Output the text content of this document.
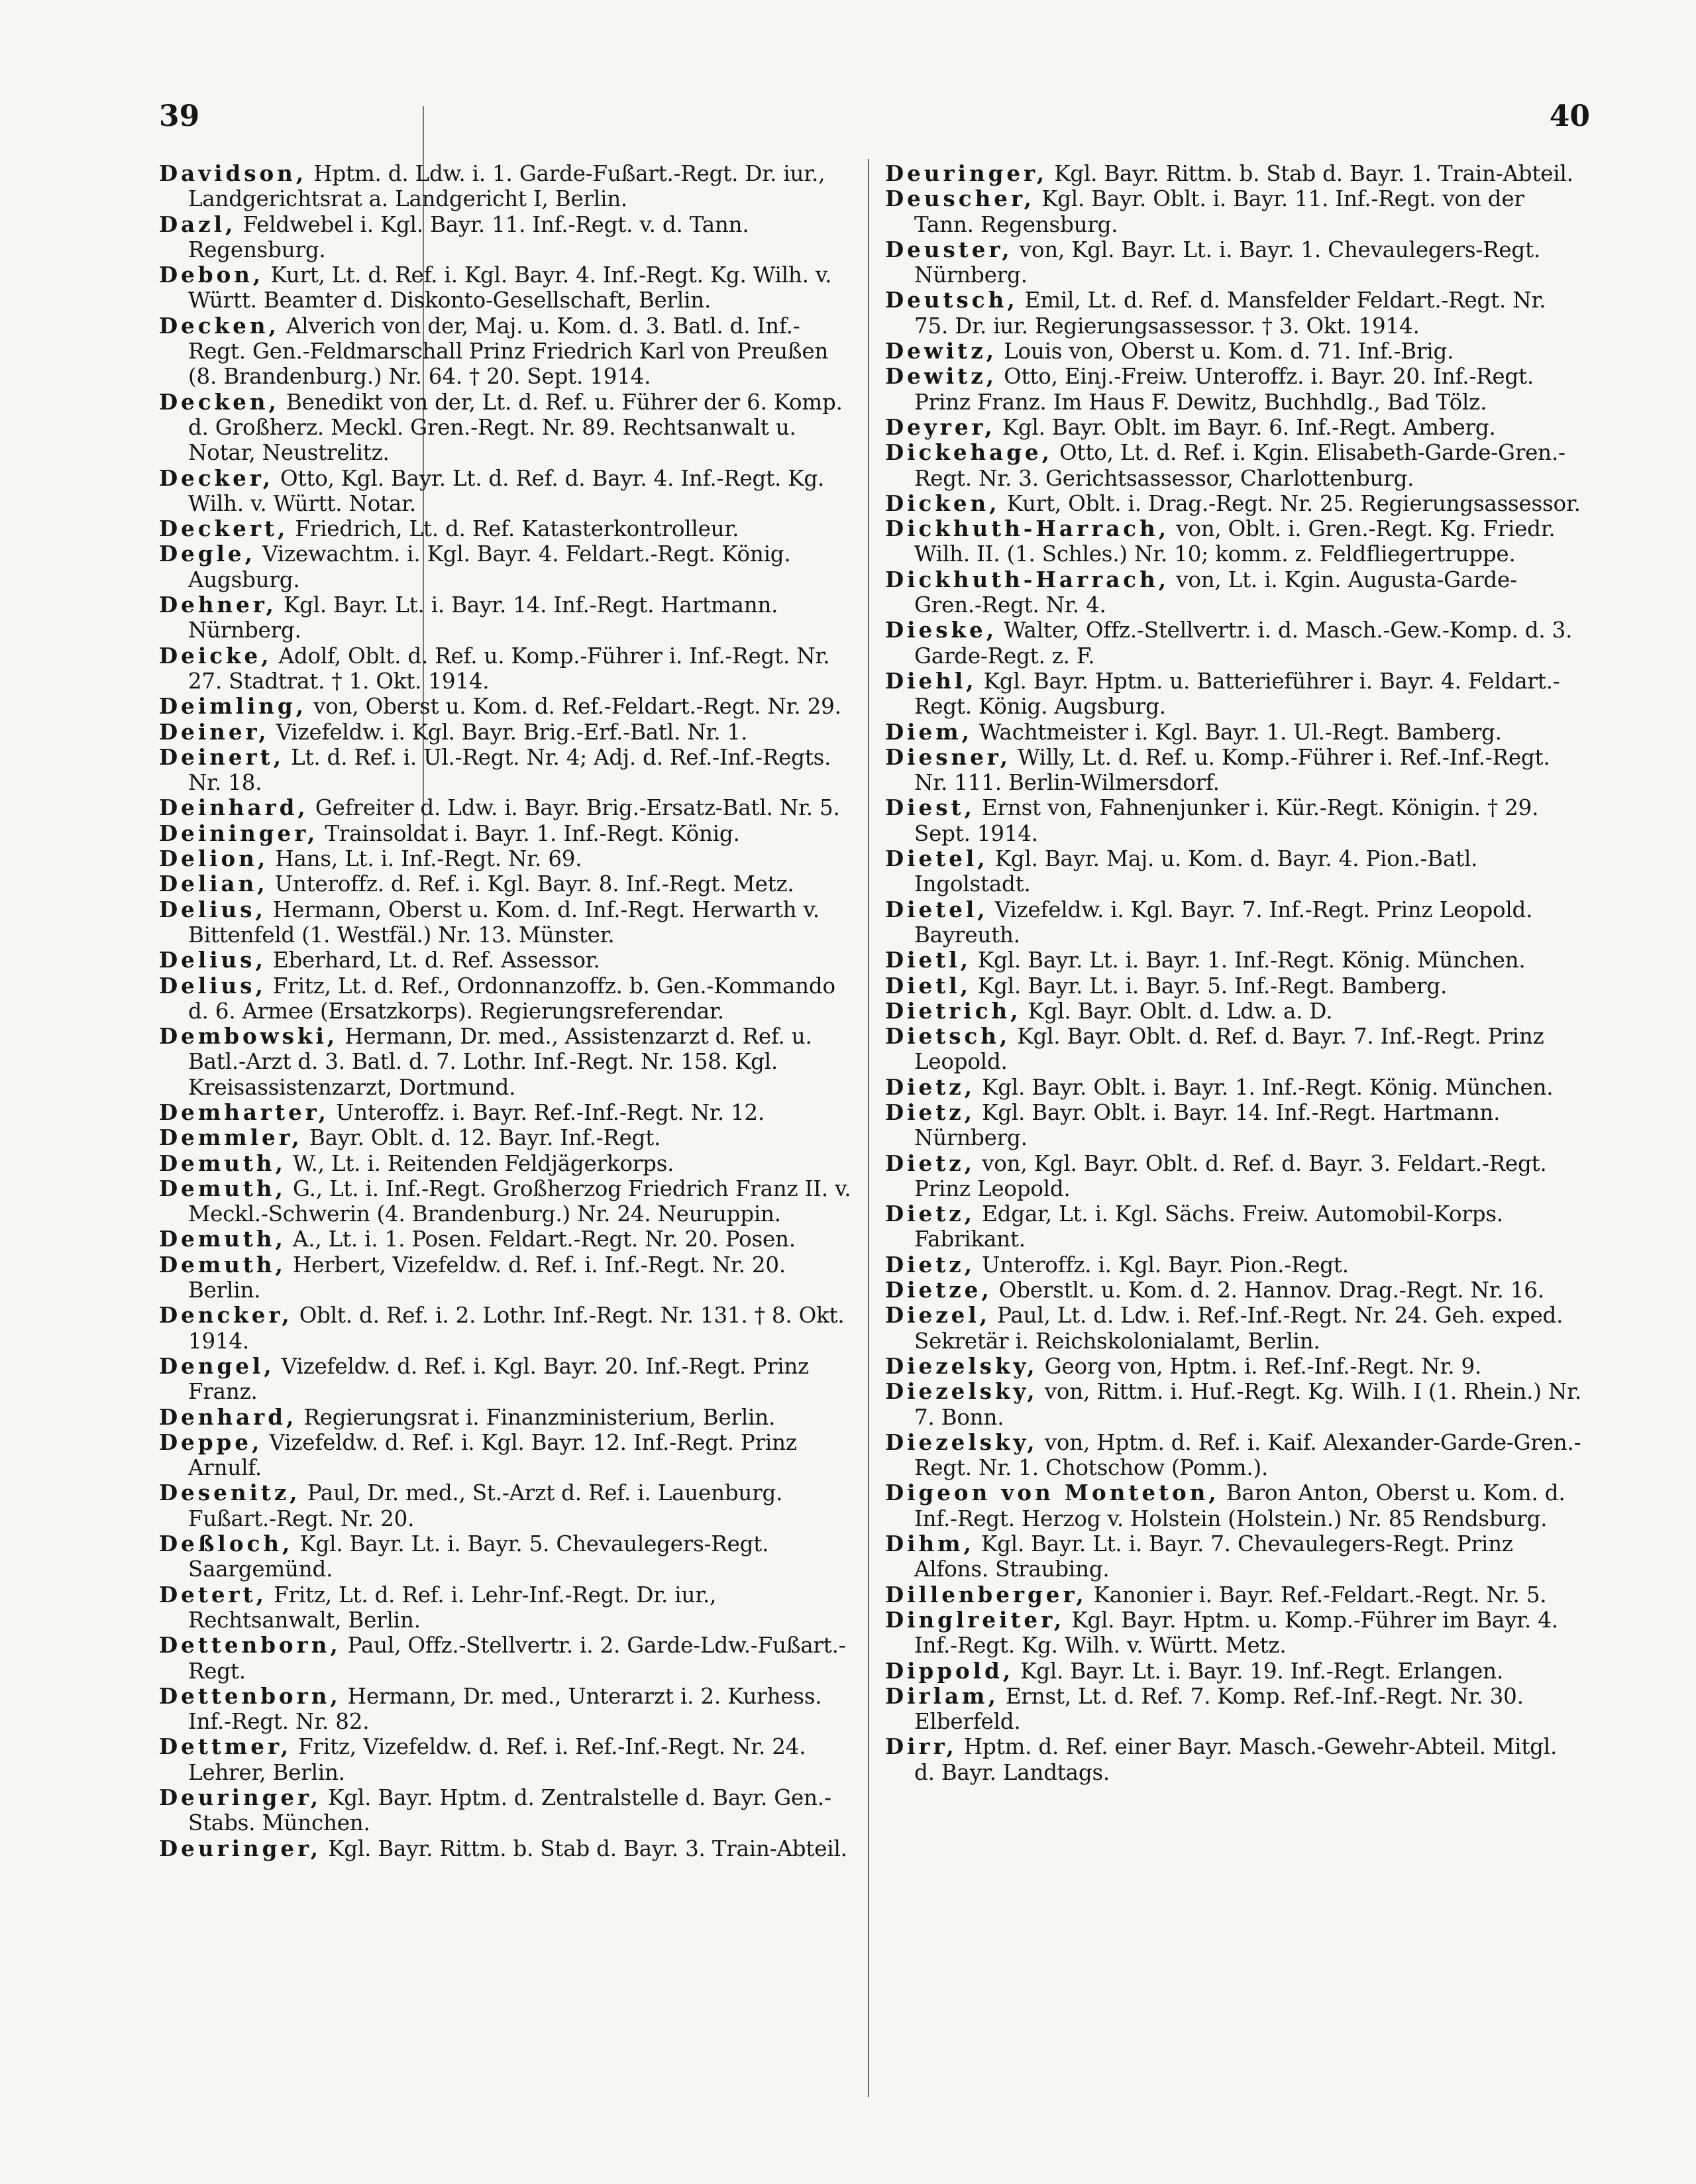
39	40

Davidson, Hptm. d. Ldw. i. 1. Garde-Fußart.-Regt. Dr. iur., Landgerichtsrat a. Landgericht I, Berlin.

Dazl, Feldwebel i. Kgl. Bayr. 11. Inf.-Regt. v. d. Tann. Regensburg.

Debon, Kurt, Lt. d. Ref. i. Kgl. Bayr. 4. Inf.-Regt. Kg. Wilh. v. Württ. Beamter d. Diskonto-Gesellschaft, Berlin.

Decken, Alverich von der, Maj. u. Kom. d. 3. Batl. d. Inf.-Regt. Gen.-Feldmarschall Prinz Friedrich Karl von Preußen (8. Brandenburg.) Nr. 64. † 20. Sept. 1914.

Decken, Benedikt von der, Lt. d. Ref. u. Führer der 6. Komp. d. Großherz. Meckl. Gren.-Regt. Nr. 89. Rechtsanwalt u. Notar, Neustrelitz.

Decker, Otto, Kgl. Bayr. Lt. d. Ref. d. Bayr. 4. Inf.-Regt. Kg. Wilh. v. Württ. Notar.

Deckert, Friedrich, Lt. d. Ref. Katasterkontrolleur.

Degle, Vizewachtm. i. Kgl. Bayr. 4. Feldart.-Regt. König. Augsburg.

Dehner, Kgl. Bayr. Lt. i. Bayr. 14. Inf.-Regt. Hartmann. Nürnberg.

Deicke, Adolf, Oblt. d. Ref. u. Komp.-Führer i. Inf.-Regt. Nr. 27. Stadtrat. † 1. Okt. 1914.

Deimling, von, Oberst u. Kom. d. Ref.-Feldart.-Regt. Nr. 29.

Deiner, Vizefeldw. i. Kgl. Bayr. Brig.-Erf.-Batl. Nr. 1.

Deinert, Lt. d. Ref. i. Ul.-Regt. Nr. 4; Adj. d. Ref.-Inf.-Regts. Nr. 18.

Deinhard, Gefreiter d. Ldw. i. Bayr. Brig.-Ersatz-Batl. Nr. 5.

Deininger, Trainsoldat i. Bayr. 1. Inf.-Regt. König.

Delion, Hans, Lt. i. Inf.-Regt. Nr. 69.

Delian, Unteroffz. d. Ref. i. Kgl. Bayr. 8. Inf.-Regt. Metz.

Delius, Hermann, Oberst u. Kom. d. Inf.-Regt. Herwarth v. Bittenfeld (1. Westfäl.) Nr. 13. Münster.

Delius, Eberhard, Lt. d. Ref. Assessor.

Delius, Fritz, Lt. d. Ref., Ordonnanzoffz. b. Gen.-Kommando d. 6. Armee (Ersatzkorps). Regierungsreferendar.

Dembowski, Hermann, Dr. med., Assistenzarzt d. Ref. u. Batl.-Arzt d. 3. Batl. d. 7. Lothr. Inf.-Regt. Nr. 158. Kgl. Kreisassistenzarzt, Dortmund.

Demharter, Unteroffz. i. Bayr. Ref.-Inf.-Regt. Nr. 12.

Demmler, Bayr. Oblt. d. 12. Bayr. Inf.-Regt.

Demuth, W., Lt. i. Reitenden Feldjägerkorps.

Demuth, G., Lt. i. Inf.-Regt. Großherzog Friedrich Franz II. v. Meckl.-Schwerin (4. Brandenburg.) Nr. 24. Neuruppin.

Demuth, A., Lt. i. 1. Posen. Feldart.-Regt. Nr. 20. Posen.

Demuth, Herbert, Vizefeldw. d. Ref. i. Inf.-Regt. Nr. 20. Berlin.

Dencker, Oblt. d. Ref. i. 2. Lothr. Inf.-Regt. Nr. 131. † 8. Okt. 1914.

Dengel, Vizefeldw. d. Ref. i. Kgl. Bayr. 20. Inf.-Regt. Prinz Franz.

Denhard, Regierungsrat i. Finanzministerium, Berlin.

Deppe, Vizefeldw. d. Ref. i. Kgl. Bayr. 12. Inf.-Regt. Prinz Arnulf.

Desenitz, Paul, Dr. med., St.-Arzt d. Ref. i. Lauenburg. Fußart.-Regt. Nr. 20.

Deßloch, Kgl. Bayr. Lt. i. Bayr. 5. Chevaulegers-Regt. Saargemünd.

Detert, Fritz, Lt. d. Ref. i. Lehr-Inf.-Regt. Dr. iur., Rechtsanwalt, Berlin.

Dettenborn, Paul, Offz.-Stellvertr. i. 2. Garde-Ldw.-Fußart.-Regt.

Dettenborn, Hermann, Dr. med., Unterarzt i. 2. Kurhess. Inf.-Regt. Nr. 82.

Dettmer, Fritz, Vizefeldw. d. Ref. i. Ref.-Inf.-Regt. Nr. 24. Lehrer, Berlin.

Deuringer, Kgl. Bayr. Hptm. d. Zentralstelle d. Bayr. Gen.-Stabs. München.

Deuringer, Kgl. Bayr. Rittm. b. Stab d. Bayr. 3. Train-Abteil.

Deuringer, Kgl. Bayr. Rittm. b. Stab d. Bayr. 1. Train-Abteil.

Deuscher, Kgl. Bayr. Oblt. i. Bayr. 11. Inf.-Regt. von der Tann. Regensburg.

Deuster, von, Kgl. Bayr. Lt. i. Bayr. 1. Chevaulegers-Regt. Nürnberg.

Deutsch, Emil, Lt. d. Ref. d. Mansfelder Feldart.-Regt. Nr. 75. Dr. iur. Regierungsassessor. † 3. Okt. 1914.

Dewitz, Louis von, Oberst u. Kom. d. 71. Inf.-Brig.

Dewitz, Otto, Einj.-Freiw. Unteroffz. i. Bayr. 20. Inf.-Regt. Prinz Franz. Im Haus F. Dewitz, Buchhdlg., Bad Tölz.

Deyrer, Kgl. Bayr. Oblt. im Bayr. 6. Inf.-Regt. Amberg.

Dickehage, Otto, Lt. d. Ref. i. Kgin. Elisabeth-Garde-Gren.-Regt. Nr. 3. Gerichtsassessor, Charlottenburg.

Dicken, Kurt, Oblt. i. Drag.-Regt. Nr. 25. Regierungsassessor.

Dickhuth-Harrach, von, Oblt. i. Gren.-Regt. Kg. Friedr. Wilh. II. (1. Schles.) Nr. 10; komm. z. Feldfliegertruppe.

Dickhuth-Harrach, von, Lt. i. Kgin. Augusta-Garde-Gren.-Regt. Nr. 4.

Dieske, Walter, Offz.-Stellvertr. i. d. Masch.-Gew.-Komp. d. 3. Garde-Regt. z. F.

Diehl, Kgl. Bayr. Hptm. u. Batterieführer i. Bayr. 4. Feldart.-Regt. König. Augsburg.

Diem, Wachtmeister i. Kgl. Bayr. 1. Ul.-Regt. Bamberg.

Diesner, Willy, Lt. d. Ref. u. Komp.-Führer i. Ref.-Inf.-Regt. Nr. 111. Berlin-Wilmersdorf.

Diest, Ernst von, Fahnenjunker i. Kür.-Regt. Königin. † 29. Sept. 1914.

Dietel, Kgl. Bayr. Maj. u. Kom. d. Bayr. 4. Pion.-Batl. Ingolstadt.

Dietel, Vizefeldw. i. Kgl. Bayr. 7. Inf.-Regt. Prinz Leopold. Bayreuth.

Dietl, Kgl. Bayr. Lt. i. Bayr. 1. Inf.-Regt. König. München.

Dietl, Kgl. Bayr. Lt. i. Bayr. 5. Inf.-Regt. Bamberg.

Dietrich, Kgl. Bayr. Oblt. d. Ldw. a. D.

Dietsch, Kgl. Bayr. Oblt. d. Ref. d. Bayr. 7. Inf.-Regt. Prinz Leopold.

Dietz, Kgl. Bayr. Oblt. i. Bayr. 1. Inf.-Regt. König. München.

Dietz, Kgl. Bayr. Oblt. i. Bayr. 14. Inf.-Regt. Hartmann. Nürnberg.

Dietz, von, Kgl. Bayr. Oblt. d. Ref. d. Bayr. 3. Feldart.-Regt. Prinz Leopold.

Dietz, Edgar, Lt. i. Kgl. Sächs. Freiw. Automobil-Korps. Fabrikant.

Dietz, Unteroffz. i. Kgl. Bayr. Pion.-Regt.

Dietze, Oberstlt. u. Kom. d. 2. Hannov. Drag.-Regt. Nr. 16.

Diezel, Paul, Lt. d. Ldw. i. Ref.-Inf.-Regt. Nr. 24. Geh. exped. Sekretär i. Reichskolonialamt, Berlin.

Diezelsky, Georg von, Hptm. i. Ref.-Inf.-Regt. Nr. 9.

Diezelsky, von, Rittm. i. Huf.-Regt. Kg. Wilh. I (1. Rhein.) Nr. 7. Bonn.

Diezelsky, von, Hptm. d. Ref. i. Kaif. Alexander-Garde-Gren.-Regt. Nr. 1. Chotschow (Pomm.).

Digeon von Monteton, Baron Anton, Oberst u. Kom. d. Inf.-Regt. Herzog v. Holstein (Holstein.) Nr. 85 Rendsburg.

Dihm, Kgl. Bayr. Lt. i. Bayr. 7. Chevaulegers-Regt. Prinz Alfons. Straubing.

Dillenberger, Kanonier i. Bayr. Ref.-Feldart.-Regt. Nr. 5.

Dinglreiter, Kgl. Bayr. Hptm. u. Komp.-Führer im Bayr. 4. Inf.-Regt. Kg. Wilh. v. Württ. Metz.

Dippold, Kgl. Bayr. Lt. i. Bayr. 19. Inf.-Regt. Erlangen.

Dirlam, Ernst, Lt. d. Ref. 7. Komp. Ref.-Inf.-Regt. Nr. 30. Elberfeld.

Dirr, Hptm. d. Ref. einer Bayr. Masch.-Gewehr-Abteil. Mitgl. d. Bayr. Landtags.
